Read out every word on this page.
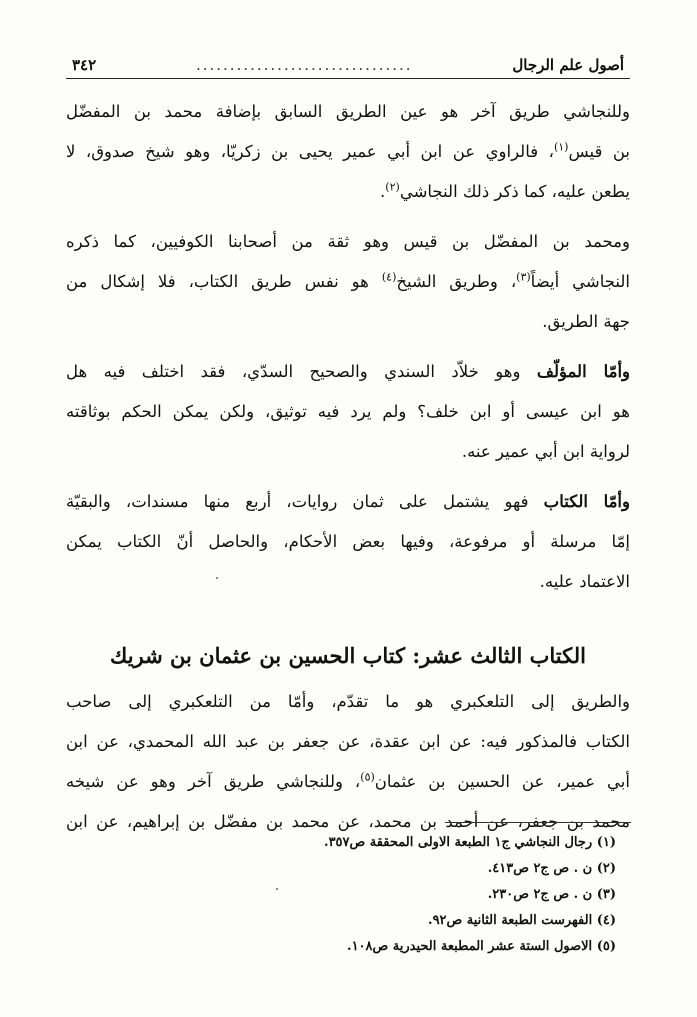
٣٤٢	................................	أصول علم الرجال
وللنجاشي طريق آخر هو عين الطريق السابق بإضافة محمد بن المفضّل
بن قيس$^{(١)}$، فالراوي عن ابن أبي عمير يحيى بن زكريّا، وهو شيخ صدوق، لا
يطعن عليه، كما ذكر ذلك النجاشي$^{(٢)}$.
ومحمد بن المفضّل بن قيس وهو ثقة من أصحابنا الكوفيين، كما ذكره
النجاشي أيضاً$^{(٣)}$، وطريق الشيخ$^{(٤)}$ هو نفس طريق الكتاب، فلا إشكال من
جهة الطريق.
وأمّا المؤلّف وهو خلاّد السندي والصحيح السدّي، فقد اختلف فيه هل
هو ابن عيسى أو ابن خلف؟ ولم يرد فيه توثيق، ولكن يمكن الحكم بوثاقته
لرواية ابن أبي عمير عنه.
وأمّا الكتاب فهو يشتمل على ثمان روايات، أربع منها مسندات، والبقيّة
إمّا مرسلة أو مرفوعة، وفيها بعض الأحكام، والحاصل أنّ الكتاب يمكن
الاعتماد عليه.
الكتاب الثالث عشر: كتاب الحسين بن عثمان بن شريك
والطريق إلى التلعكبري هو ما تقدّم، وأمّا من التلعكبري إلى صاحب
الكتاب فالمذكور فيه: عن ابن عقدة، عن جعفر بن عبد الله المحمدي، عن ابن
أبي عمير، عن الحسين بن عثمان$^{(٥)}$، وللنجاشي طريق آخر وهو عن شيخه
محمد بن جعفر، عن أحمد بن محمد، عن محمد بن مفضّل بن إبراهيم، عن ابن
(١) رجال النجاشي ج١ الطبعة الاولى المحققة ص٣٥٧.
(٢) ن . ص ج٢ ص٤١٣.
(٣) ن . ص ج٢ ص٢٣٠.
(٤) الفهرست الطبعة الثانية ص٩٢.
(٥) الاصول الستة عشر المطبعة الحيدرية ص١٠٨.
